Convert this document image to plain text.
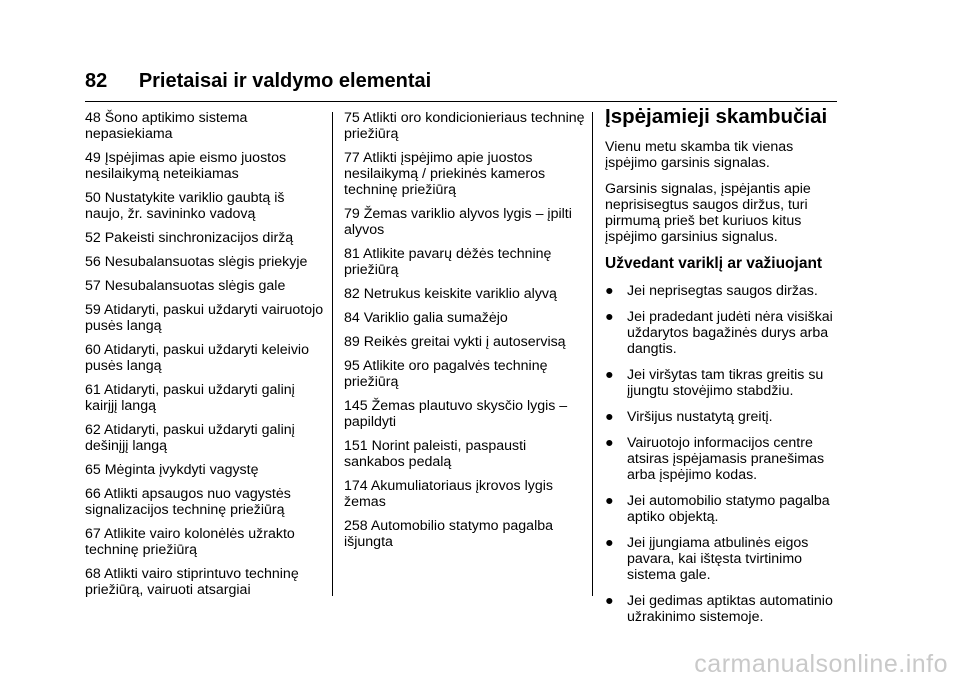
82 Prietaisai ir valdymo elementai

48 Šono aptikimo sistema nepasiekiama

49 Įspėjimas apie eismo juostos nesilaikymą neteikiamas

50 Nustatykite variklio gaubtą iš naujo, žr. savininko vadovą

52 Pakeisti sinchronizacijos diržą

56 Nesubalansuotas slėgis priekyje

57 Nesubalansuotas slėgis gale

59 Atidaryti, paskui uždaryti vairuotojo pusės langą

60 Atidaryti, paskui uždaryti keleivio pusės langą

61 Atidaryti, paskui uždaryti galinį kairįjį langą

62 Atidaryti, paskui uždaryti galinį dešinįjį langą

65 Mėginta įvykdyti vagystę

66 Atlikti apsaugos nuo vagystės signalizacijos techninę priežiūrą

67 Atlikite vairo kolonėlės užrakto techninę priežiūrą

68 Atlikti vairo stiprintuvo techninę priežiūrą, vairuoti atsargiai

75 Atlikti oro kondicionieriaus techninę priežiūrą

77 Atlikti įspėjimo apie juostos nesilaikymą / priekinės kameros techninę priežiūrą

79 Žemas variklio alyvos lygis – įpilti alyvos

81 Atlikite pavarų dėžės techninę priežiūrą

82 Netrukus keiskite variklio alyvą

84 Variklio galia sumažėjo

89 Reikės greitai vykti į autoservisą

95 Atlikite oro pagalvės techninę priežiūrą

145 Žemas plautuvo skysčio lygis – papildyti

151 Norint paleisti, paspausti sankabos pedalą

174 Akumuliatoriaus įkrovos lygis žemas

258 Automobilio statymo pagalba išjungta

Įspėjamieji skambučiai

Vienu metu skamba tik vienas įspėjimo garsinis signalas.

Garsinis signalas, įspėjantis apie neprisisegtus saugos diržus, turi pirmumą prieš bet kuriuos kitus įspėjimo garsinius signalus.

Užvedant variklį ar važiuojant
● Jei neprisegtas saugos diržas.
● Jei pradedant judėti nėra visiškai uždarytos bagažinės durys arba dangtis.
● Jei viršytas tam tikras greitis su įjungtu stovėjimo stabdžiu.
● Viršijus nustatytą greitį.
● Vairuotojo informacijos centre atsiras įspėjamasis pranešimas arba įspėjimo kodas.
● Jei automobilio statymo pagalba aptiko objektą.
● Jei įjungiama atbulinės eigos pavara, kai ištęsta tvirtinimo sistema gale.
● Jei gedimas aptiktas automatinio užrakinimo sistemoje.
carmanualsonline.info
